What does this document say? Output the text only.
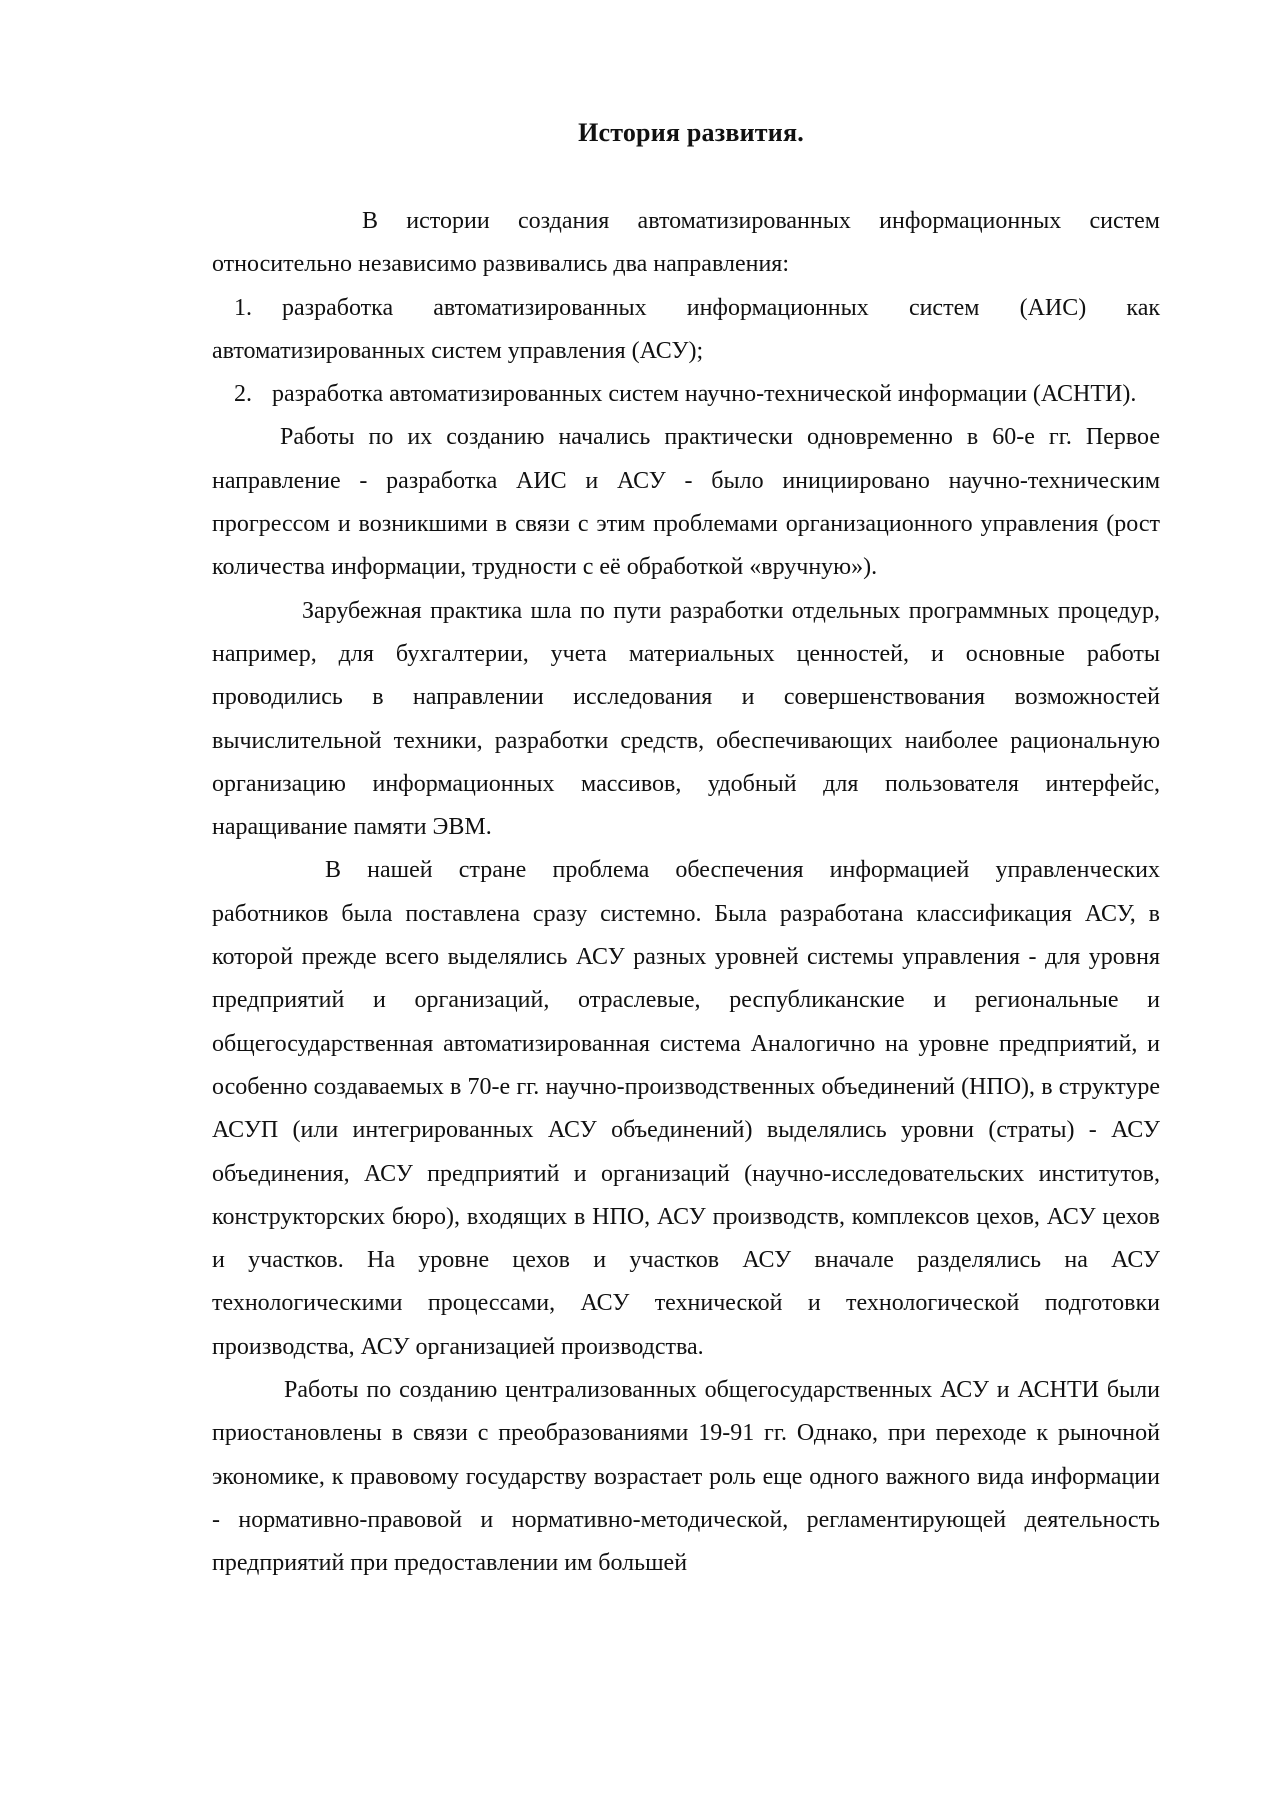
История развития.

В истории создания автоматизированных информационных систем относительно независимо развивались два направления:

1. разработка автоматизированных информационных систем (АИС) как автоматизированных систем управления (АСУ);

2. разработка автоматизированных систем научно-технической информации (АСНТИ).

Работы по их созданию начались практически одновременно в 60-е гг. Первое направление - разработка АИС и АСУ - было инициировано научно-техническим прогрессом и возникшими в связи с этим проблемами организационного управления (рост количества информации, трудности с её обработкой «вручную»).

Зарубежная практика шла по пути разработки отдельных программных процедур, например, для бухгалтерии, учета материальных ценностей, и основные работы проводились в направлении исследования и совершенствования возможностей вычислительной техники, разработки средств, обеспечивающих наиболее рациональную организацию информационных массивов, удобный для пользователя интерфейс, наращивание памяти ЭВМ.

В нашей стране проблема обеспечения информацией управленческих работников была поставлена сразу системно. Была разработана классификация АСУ, в которой прежде всего выделялись АСУ разных уровней системы управления - для уровня предприятий и организаций, отраслевые, республиканские и региональные и общегосударственная автоматизированная система Аналогично на уровне предприятий, и особенно создаваемых в 70-е гг. научно-производственных объединений (НПО), в структуре АСУП (или интегрированных АСУ объединений) выделялись уровни (страты) - АСУ объединения, АСУ предприятий и организаций (научно-исследовательских институтов, конструкторских бюро), входящих в НПО, АСУ производств, комплексов цехов, АСУ цехов и участков. На уровне цехов и участков АСУ вначале разделялись на АСУ технологическими процессами, АСУ технической и технологической подготовки производства, АСУ организацией производства.

Работы по созданию централизованных общегосударственных АСУ и АСНТИ были приостановлены в связи с преобразованиями 19-91 гг. Однако, при переходе к рыночной экономике, к правовому государству возрастает роль еще одного важного вида информации - нормативно-правовой и нормативно-методической, регламентирующей деятельность предприятий при предоставлении им большей
